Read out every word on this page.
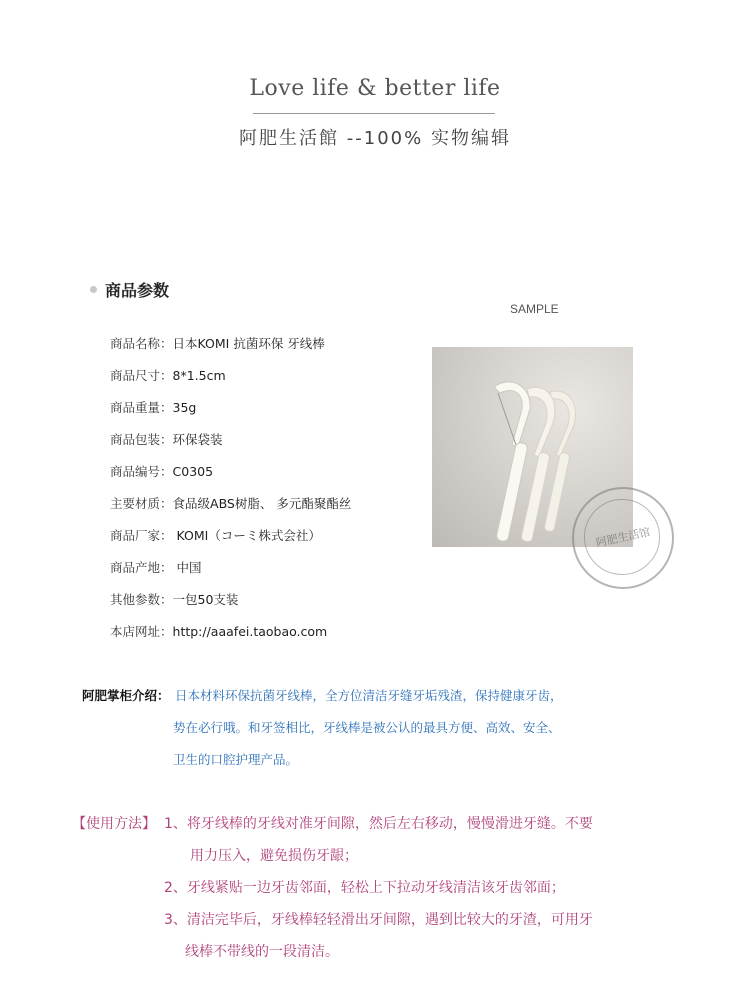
Love life & better life
阿肥生活館 --100% 实物编辑
商品参数
SAMPLE
商品名称：日本KOMI 抗菌环保 牙线棒
商品尺寸：8*1.5cm
商品重量：35g
商品包装：环保袋装
商品编号：C0305
主要材质：食品级ABS树脂、 多元酯聚酯丝
商品厂家： KOMI（コーミ株式会社）
商品产地： 中国
其他参数：一包50支装
本店网址：http://aaafei.taobao.com
阿肥生活馆
阿肥掌柜介绍： 日本材料环保抗菌牙线棒，全方位清洁牙缝牙垢残渣，保持健康牙齿，
势在必行哦。和牙签相比，牙线棒是被公认的最具方便、高效、安全、
卫生的口腔护理产品。
【使用方法】 1、将牙线棒的牙线对准牙间隙，然后左右移动，慢慢滑进牙缝。不要
用力压入，避免损伤牙龈；
2、牙线紧贴一边牙齿邻面，轻松上下拉动牙线清洁该牙齿邻面；
3、清洁完毕后，牙线棒轻轻滑出牙间隙，遇到比较大的牙渣，可用牙
线棒不带线的一段清洁。
